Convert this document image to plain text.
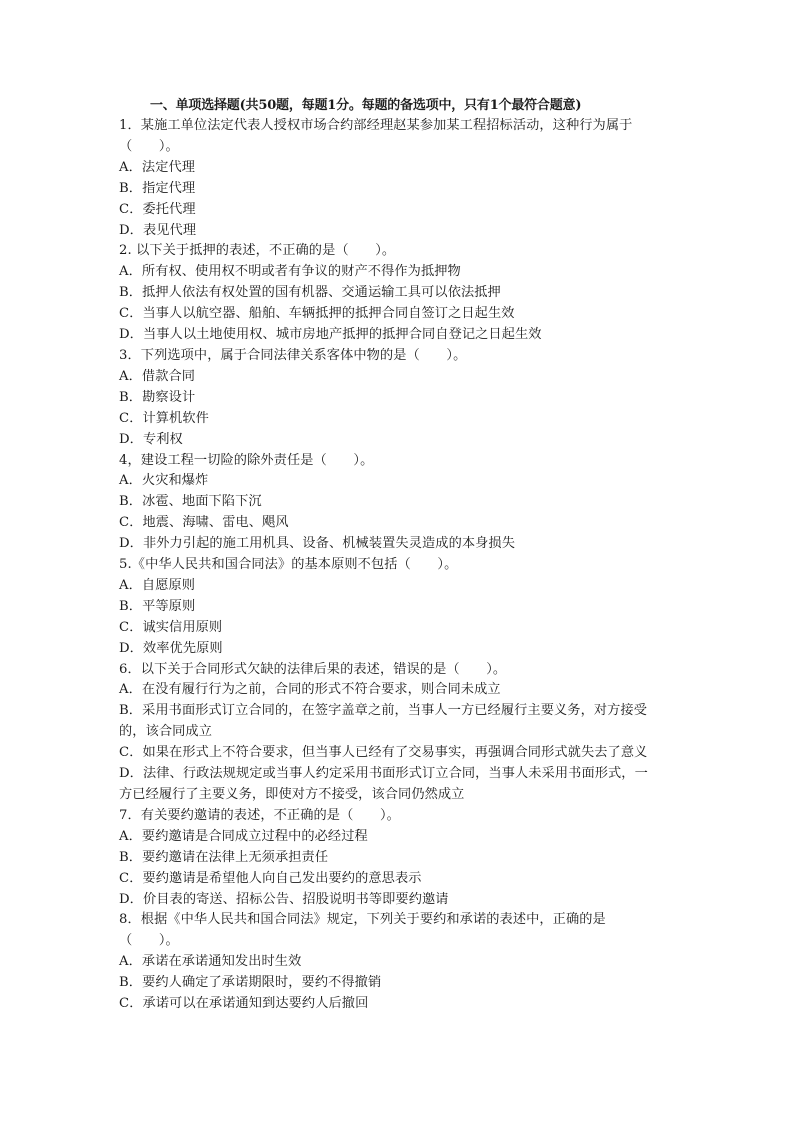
一、单项选择题(共50题，每题1分。每题的备选项中，只有1个最符合题意)
1．某施工单位法定代表人授权市场合约部经理赵某参加某工程招标活动，这种行为属于
（　　）。
A．法定代理
B．指定代理
C．委托代理
D．表见代理
2. 以下关于抵押的表述，不正确的是（　　）。
A．所有权、使用权不明或者有争议的财产不得作为抵押物
B．抵押人依法有权处置的国有机器、交通运输工具可以依法抵押
C．当事人以航空器、船舶、车辆抵押的抵押合同自签订之日起生效
D．当事人以土地使用权、城市房地产抵押的抵押合同自登记之日起生效
3．下列选项中，属于合同法律关系客体中物的是（　　）。
A．借款合同
B．勘察设计
C．计算机软件
D．专利权
4，建设工程一切险的除外责任是（　　）。
A．火灾和爆炸
B．冰雹、地面下陷下沉
C．地震、海啸、雷电、飓风
D．非外力引起的施工用机具、设备、机械装置失灵造成的本身损失
5.《中华人民共和国合同法》的基本原则不包括（　　）。
A．自愿原则
B．平等原则
C．诚实信用原则
D．效率优先原则
6．以下关于合同形式欠缺的法律后果的表述，错误的是（　　）。
A．在没有履行行为之前，合同的形式不符合要求，则合同未成立
B．采用书面形式订立合同的，在签字盖章之前，当事人一方已经履行主要义务，对方接受
的，该合同成立
C．如果在形式上不符合要求，但当事人已经有了交易事实，再强调合同形式就失去了意义
D．法律、行政法规规定或当事人约定采用书面形式订立合同，当事人未采用书面形式，一
方已经履行了主要义务，即使对方不接受，该合同仍然成立
7．有关要约邀请的表述，不正确的是（　　）。
A．要约邀请是合同成立过程中的必经过程
B．要约邀请在法律上无须承担责任
C．要约邀请是希望他人向自己发出要约的意思表示
D．价目表的寄送、招标公告、招股说明书等即要约邀请
8．根据《中华人民共和国合同法》规定，下列关于要约和承诺的表述中，正确的是
（　　）。
A．承诺在承诺通知发出时生效
B．要约人确定了承诺期限时，要约不得撤销
C．承诺可以在承诺通知到达要约人后撤回
